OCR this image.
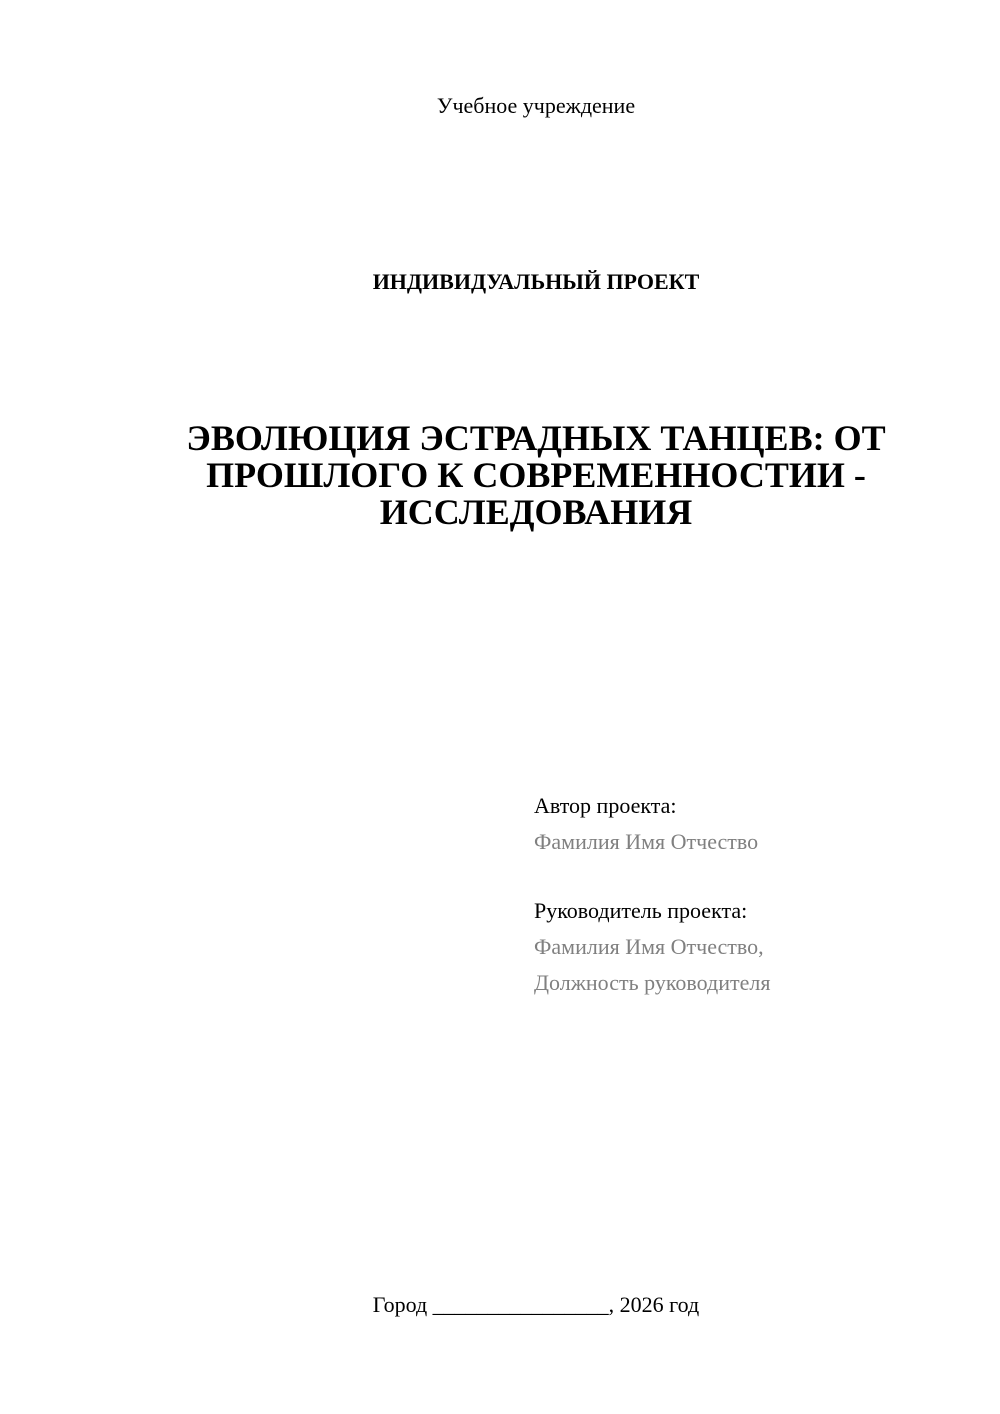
Учебное учреждение
ИНДИВИДУАЛЬНЫЙ ПРОЕКТ
ЭВОЛЮЦИЯ ЭСТРАДНЫХ ТАНЦЕВ: ОТ
ПРОШЛОГО К СОВРЕМЕННОСТИИ -
ИССЛЕДОВАНИЯ
Автор проекта:
Фамилия Имя Отчество
Руководитель проекта:
Фамилия Имя Отчество,
Должность руководителя
Город ________________, 2026 год
